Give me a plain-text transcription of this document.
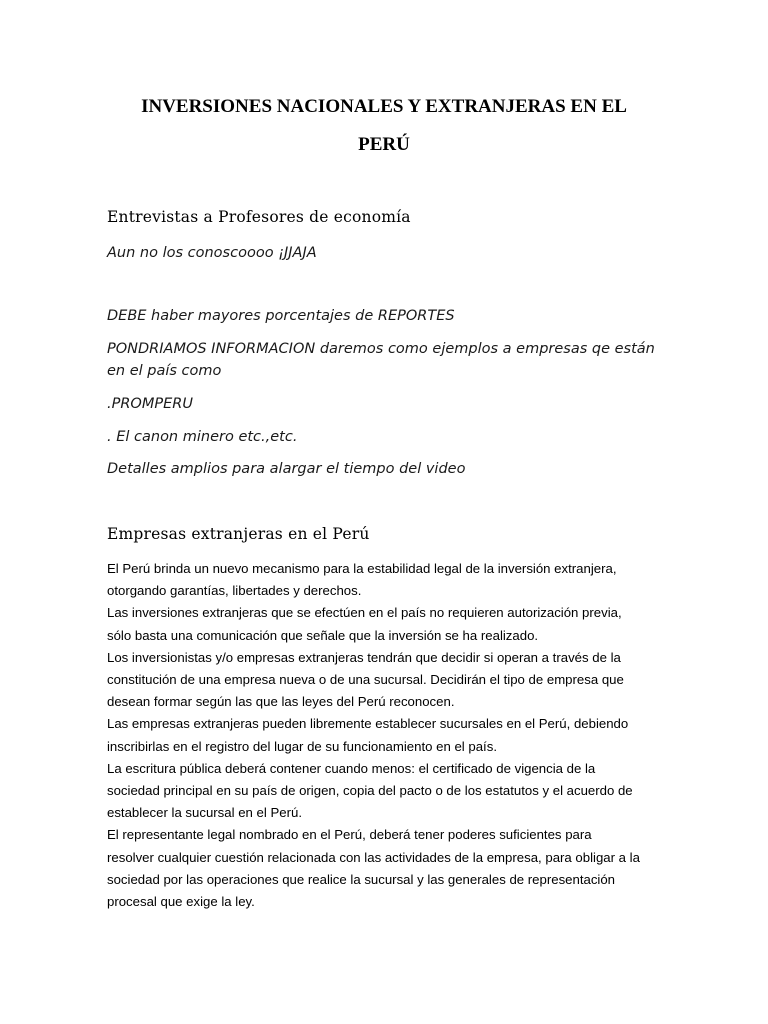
INVERSIONES NACIONALES Y EXTRANJERAS EN EL
PERÚ
Entrevistas a Profesores de economía

Aun no los conoscoooo ¡JJAJA

DEBE haber mayores porcentajes de REPORTES

PONDRIAMOS INFORMACION daremos como ejemplos a empresas qe están
en el país como

.PROMPERU

. El canon minero etc.,etc.

Detalles amplios para alargar el tiempo del video

Empresas extranjeras en el Perú

El Perú brinda un nuevo mecanismo para la estabilidad legal de la inversión extranjera,

otorgando garantías, libertades y derechos.

Las inversiones extranjeras que se efectúen en el país no requieren autorización previa,

sólo basta una comunicación que señale que la inversión se ha realizado.

Los inversionistas y/o empresas extranjeras tendrán que decidir si operan a través de la

constitución de una empresa nueva o de una sucursal. Decidirán el tipo de empresa que

desean formar según las que las leyes del Perú reconocen.

Las empresas extranjeras pueden libremente establecer sucursales en el Perú, debiendo

inscribirlas en el registro del lugar de su funcionamiento en el país.

La escritura pública deberá contener cuando menos: el certificado de vigencia de la

sociedad principal en su país de origen, copia del pacto o de los estatutos y el acuerdo de

establecer la sucursal en el Perú.

El representante legal nombrado en el Perú, deberá tener poderes suficientes para

resolver cualquier cuestión relacionada con las actividades de la empresa, para obligar a la

sociedad por las operaciones que realice la sucursal y las generales de representación

procesal que exige la ley.
